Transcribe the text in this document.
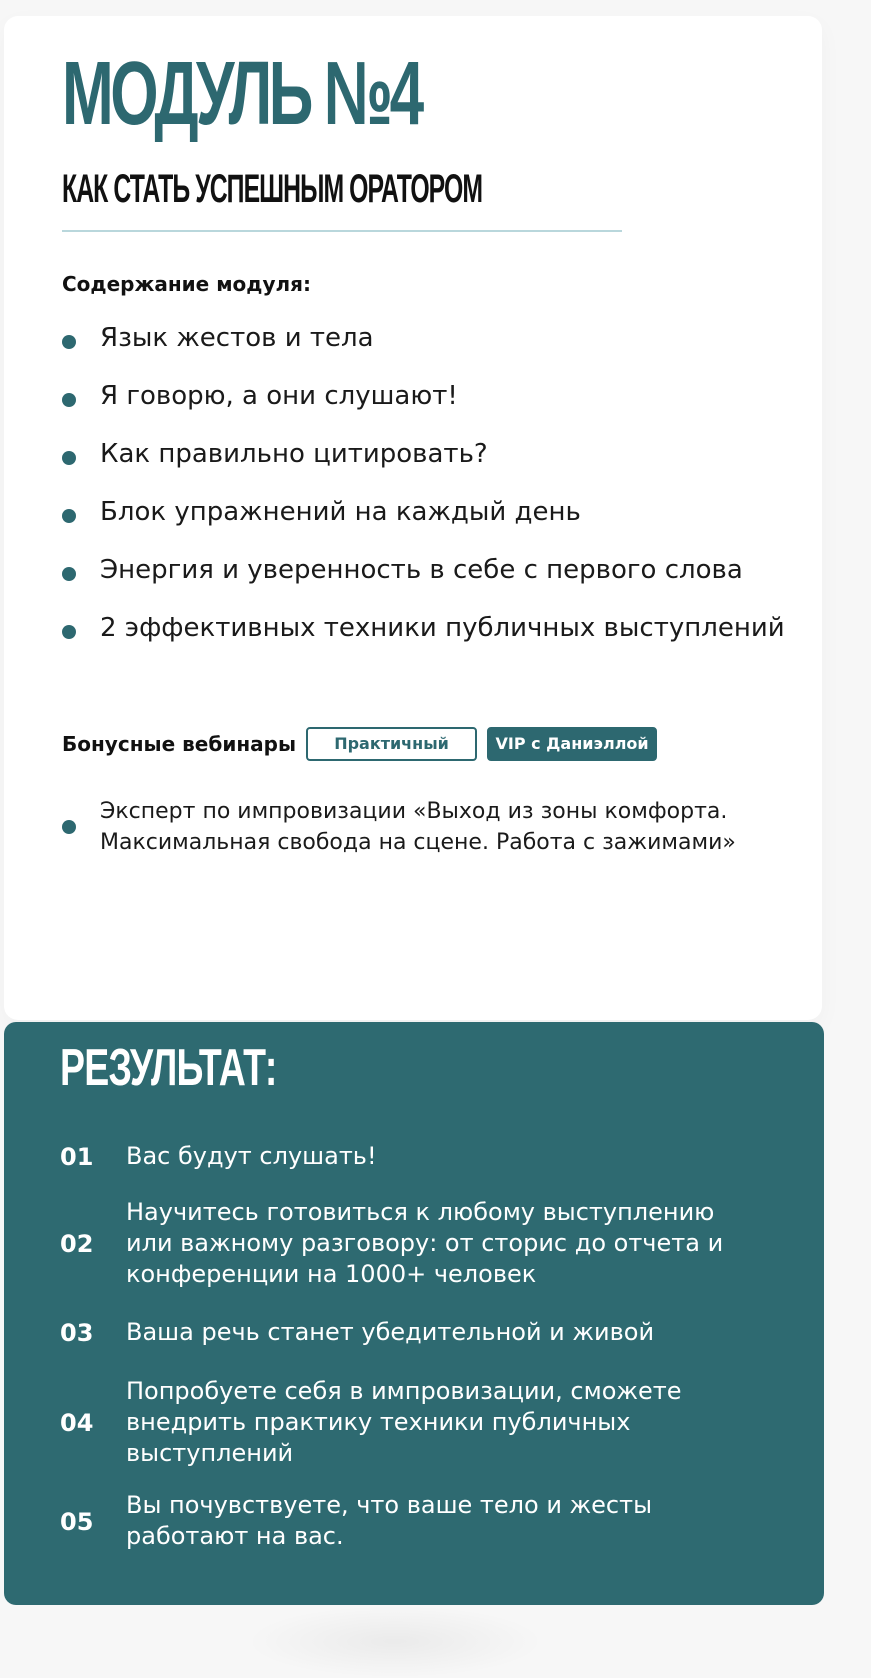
МОДУЛЬ №4
КАК СТАТЬ УСПЕШНЫМ ОРАТОРОМ
Содержание модуля:
Язык жестов и тела
Я говорю, а они слушают!
Как правильно цитировать?
Блок упражнений на каждый день
Энергия и уверенность в себе с первого слова
2 эффективных техники публичных выступлений
Бонусные вебинары	Практичный	VIP с Даниэллой
Эксперт по импровизации «Выход из зоны комфорта. Максимальная свобода на сцене. Работа с зажимами»
РЕЗУЛЬТАТ:
01 Вас будут слушать!
02
Научитесь готовиться к любому выступлению или важному разговору: от сторис до отчета и конференции на 1000+ человек
03 Ваша речь станет убедительной и живой
04
Попробуете себя в импровизации, сможете внедрить практику техники публичных выступлений
05
Вы почувствуете, что ваше тело и жесты работают на вас.
